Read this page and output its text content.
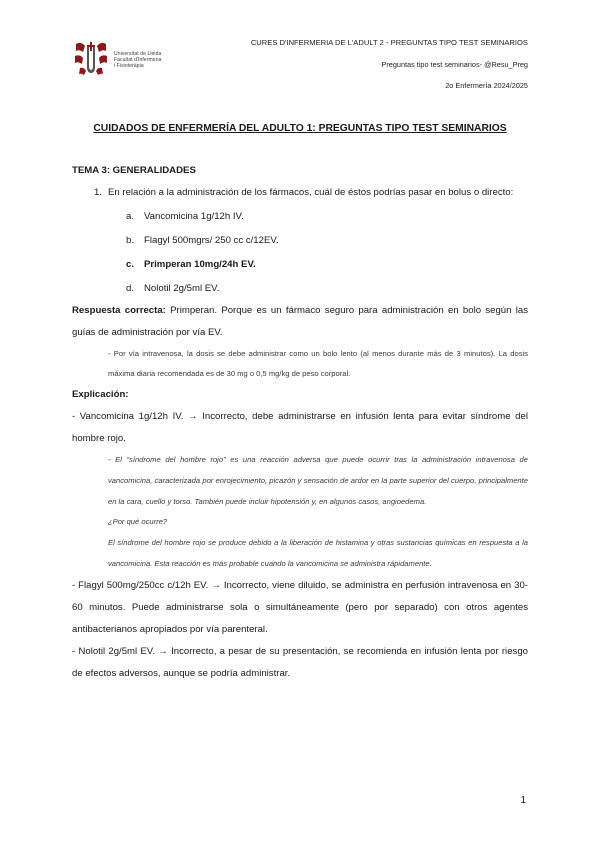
Universitat de Lleida
Facultat d'Infermeria
i Fisioteràpia
CURES D'INFERMERIA DE L'ADULT 2 - PREGUNTAS TIPO TEST SEMINARIOS
Preguntas tipo test seminarios- @Resu_Preg
2o Enfermería 2024/2025
CUIDADOS DE ENFERMERÍA DEL ADULTO 1: PREGUNTAS TIPO TEST SEMINARIOS

TEMA 3: GENERALIDADES

1. En relación a la administración de los fármacos, cuál de éstos podrías pasar en bolus o directo:
a.	Vancomicina 1g/12h IV.
b.	Flagyl 500mgrs/ 250 cc c/12EV.
c.	Primperan 10mg/24h EV.
d.	Nolotil 2g/5ml EV.

Respuesta correcta: Primperan. Porque es un fármaco seguro para administración en bolo según las guías de administración por vía EV.

- Por vía intravenosa, la dosis se debe administrar como un bolo lento (al menos durante más de 3 minutos). La dosis máxima diaria recomendada es de 30 mg o 0,5 mg/kg de peso corporal.

Explicación:

- Vancomicina 1g/12h IV. → Incorrecto, debe administrarse en infusión lenta para evitar síndrome del hombre rojo.

- El “síndrome del hombre rojo” es una reacción adversa que puede ocurrir tras la administración intravenosa de vancomicina, caracterizada por enrojecimiento, picazón y sensación de ardor en la parte superior del cuerpo, principalmente en la cara, cuello y torso. También puede incluir hipotensión y, en algunos casos, angioedema.

¿Por qué ocurre?

El síndrome del hombre rojo se produce debido a la liberación de histamina y otras sustancias químicas en respuesta a la vancomicina. Esta reacción es más probable cuando la vancomicina se administra rápidamente.

- Flagyl 500mg/250cc c/12h EV. → Incorrecto, viene diluido, se administra en perfusión intravenosa en 30-60 minutos. Puede administrarse sola o simultáneamente (pero por separado) con otros agentes antibacterianos apropiados por vía parenteral.

- Nolotil 2g/5ml EV. → Incorrecto, a pesar de su presentación, se recomienda en infusión lenta por riesgo de efectos adversos, aunque se podría administrar.

1
